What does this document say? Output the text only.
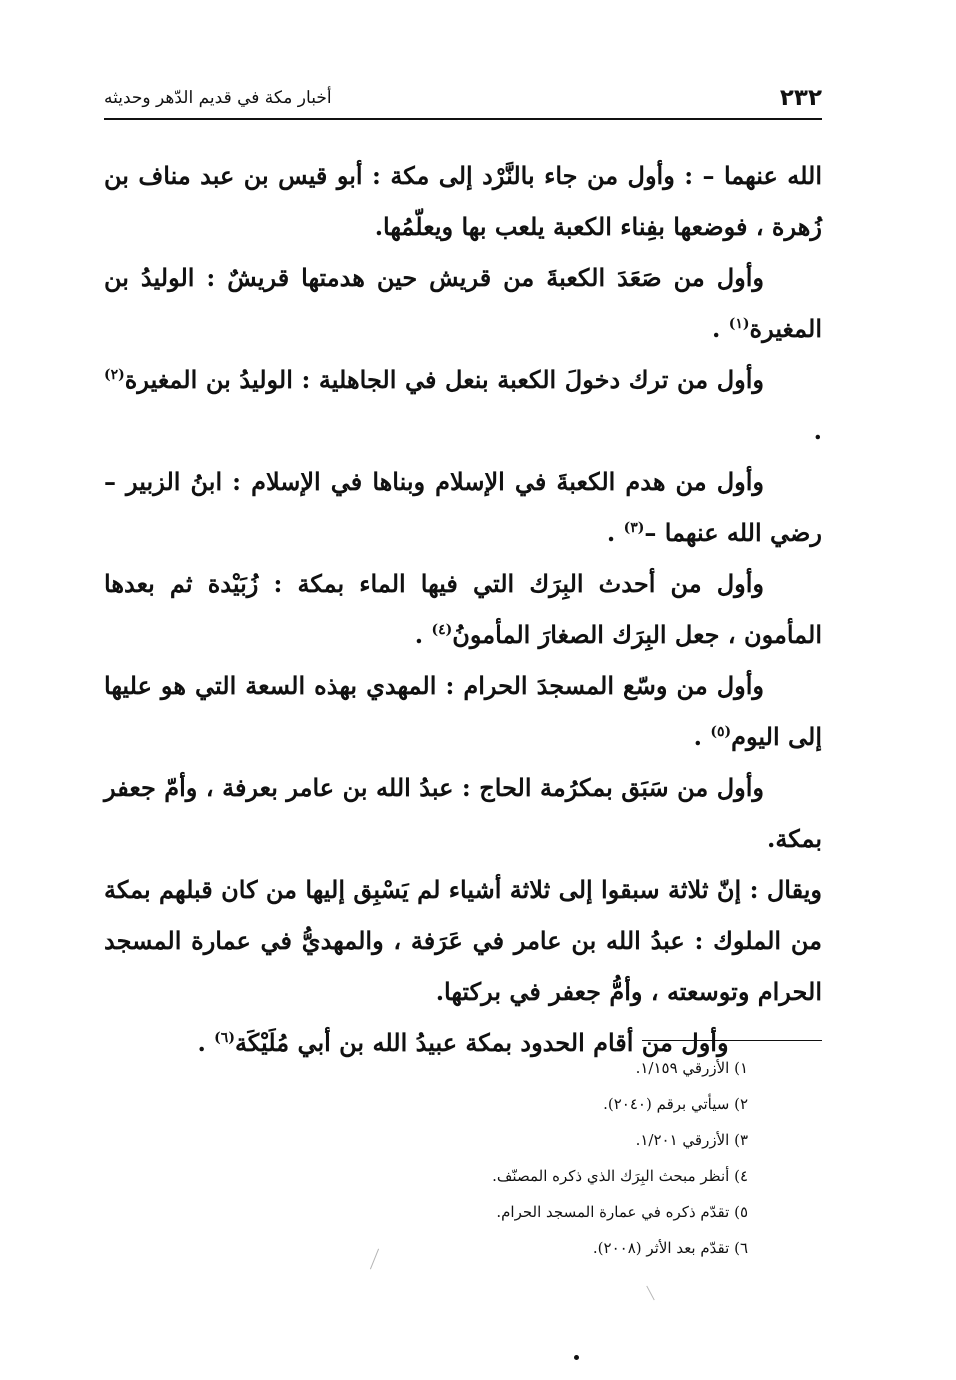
٢٣٢
أخبار مكة في قديم الدّهر وحديثه

الله عنهما – : وأول من جاء بالنَّرْد إلى مكة : أبو قيس بن عبد مناف بن زُهرة ، فوضعها بفِناء الكعبة يلعب بها ويعلّمُها.

وأول من صَعَدَ الكعبةَ من قريش حين هدمتها قريشٌ : الوليدُ بن المغيرة$^{(١)}$ .

وأول من ترك دخولَ الكعبة بنعل في الجاهلية : الوليدُ بن المغيرة$^{(٢)}$ .

وأول من هدم الكعبةَ في الإسلام وبناها في الإسلام : ابنُ الزبير – رضي الله عنهما –$^{(٣)}$ .

وأول من أحدث البِرَك التي فيها الماء بمكة : زُبَيْدة ثم بعدها المأمون ، جعل البِرَك الصغارَ المأمونُ$^{(٤)}$ .

وأول من وسّع المسجدَ الحرام : المهدي بهذه السعة التي هو عليها إلى اليوم$^{(٥)}$ .

وأول من سَبَق بمكرُمة الحاج : عبدُ الله بن عامر بعرفة ، وأمّ جعفر بمكة.

ويقال : إنّ ثلاثة سبقوا إلى ثلاثة أشياء لم يَسْبِق إليها من كان قبلهم بمكة من الملوك : عبدُ الله بن عامر في عَرَفة ، والمهديُّ في عمارة المسجد الحرام وتوسعته ، وأمُّ جعفر في بركتها.

وأول من أقام الحدود بمكة عبيدُ الله بن أبي مُلَيْكَة$^{(٦)}$ .

١) الأزرقي ١/١٥٩.
٢) سيأتي برقم (٢٠٤٠).
٣) الأزرقي ١/٢٠١.
٤) أنظر مبحث البِرَك الذي ذكره المصنّف.
٥) تقدّم ذكره في عمارة المسجد الحرام.
٦) تقدّم بعد الأثر (٢٠٠٨).
